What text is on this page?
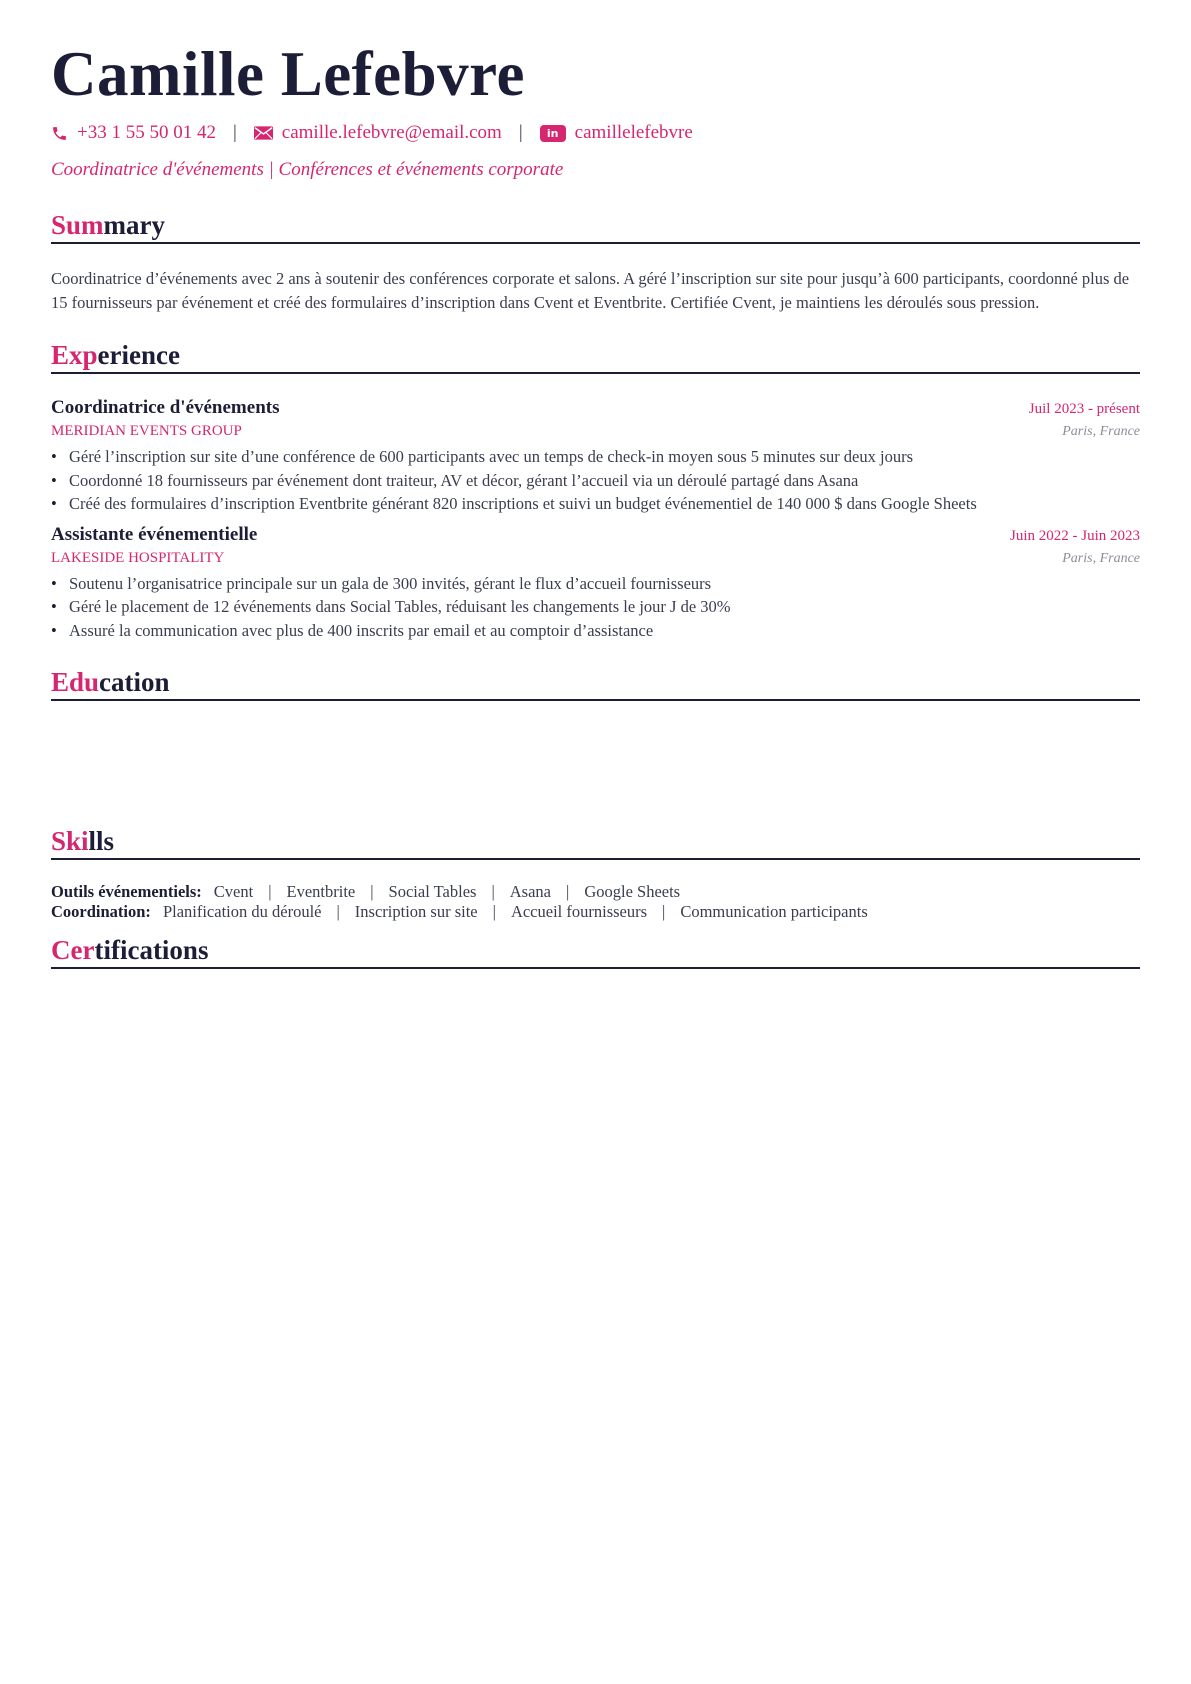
Camille Lefebvre
+33 1 55 50 01 42 | camille.lefebvre@email.com |	in camillelefebvre
Coordinatrice d'événements | Conférences et événements corporate
Summary
Coordinatrice d’événements avec 2 ans à soutenir des conférences corporate et salons. A géré l’inscription sur site pour jusqu’à 600 participants, coordonné plus de 15 fournisseurs par événement et créé des formulaires d’inscription dans Cvent et Eventbrite. Certifiée Cvent, je maintiens les déroulés sous pression.
Experience
Coordinatrice d'événements	Juil 2023 - présent
MERIDIAN EVENTS GROUP	Paris, France
• Géré l’inscription sur site d’une conférence de 600 participants avec un temps de check-in moyen sous 5 minutes sur deux jours
• Coordonné 18 fournisseurs par événement dont traiteur, AV et décor, gérant l’accueil via un déroulé partagé dans Asana
• Créé des formulaires d’inscription Eventbrite générant 820 inscriptions et suivi un budget événementiel de 140 000 $ dans Google Sheets
Assistante événementielle	Juin 2022 - Juin 2023
LAKESIDE HOSPITALITY	Paris, France
• Soutenu l’organisatrice principale sur un gala de 300 invités, gérant le flux d’accueil fournisseurs
• Géré le placement de 12 événements dans Social Tables, réduisant les changements le jour J de 30%
• Assuré la communication avec plus de 400 inscrits par email et au comptoir d’assistance
Education
Skills
Outils événementiels: Cvent | Eventbrite | Social Tables | Asana | Google Sheets
Coordination: Planification du déroulé | Inscription sur site | Accueil fournisseurs | Communication participants
Certifications
